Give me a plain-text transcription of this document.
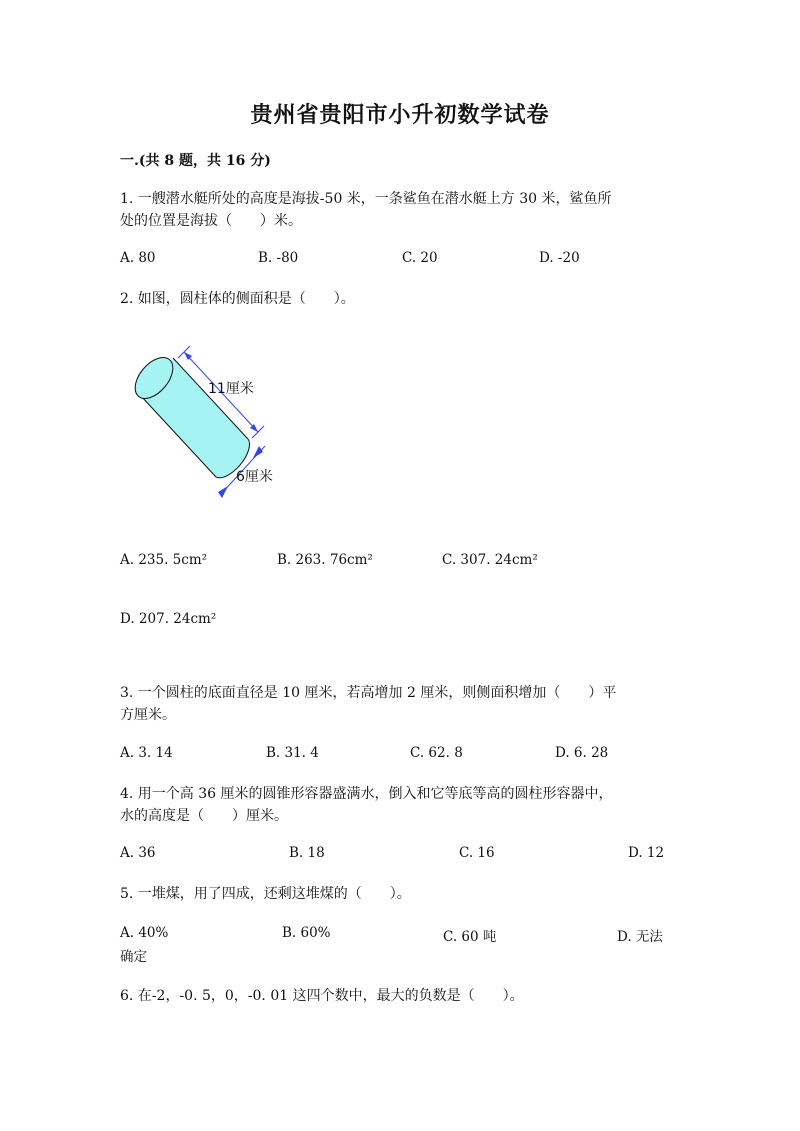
贵州省贵阳市小升初数学试卷
一.(共 8 题，共 16 分)
1. 一艘潜水艇所处的高度是海拔-50 米，一条鲨鱼在潜水艇上方 30 米，鲨鱼所
处的位置是海拔（　　）米。
A. 80	B. -80	C. 20	D. -20
2. 如图，圆柱体的侧面积是（　　）。
11厘米
6厘米
A. 235. 5cm²	B. 263. 76cm²	C. 307. 24cm²
D. 207. 24cm²
3. 一个圆柱的底面直径是 10 厘米，若高增加 2 厘米，则侧面积增加（　　）平
方厘米。
A. 3. 14	B. 31. 4	C. 62. 8	D. 6. 28
4. 用一个高 36 厘米的圆锥形容器盛满水，倒入和它等底等高的圆柱形容器中，
水的高度是（　　）厘米。
A. 36	B. 18	C. 16	D. 12
5. 一堆煤，用了四成，还剩这堆煤的（　　）。
A. 40%	B. 60%	C. 60 吨	D. 无法
确定
6. 在-2，-0. 5，0，-0. 01 这四个数中，最大的负数是（　　）。
